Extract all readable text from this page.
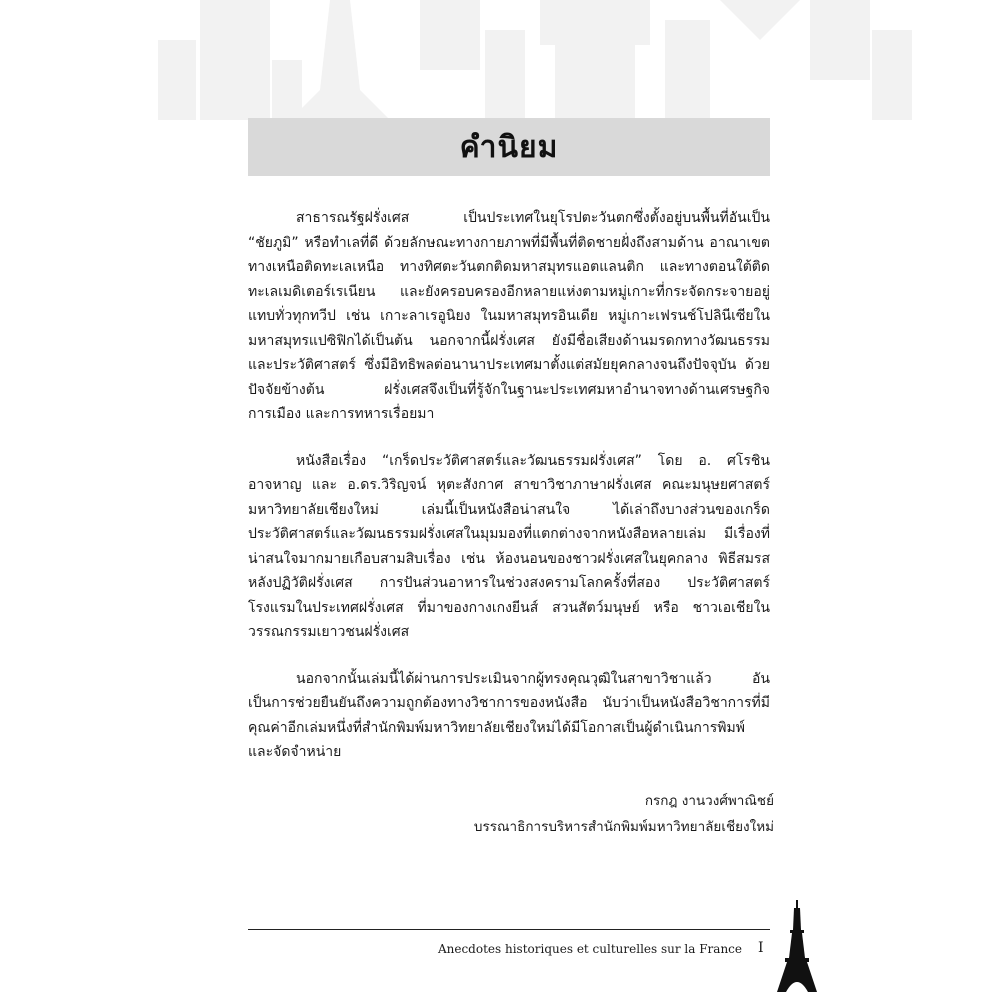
คำนิยม

สาธารณรัฐฝรั่งเศส เป็นประเทศในยุโรปตะวันตกซึ่งตั้งอยู่บนพื้นที่อันเป็น “ชัยภูมิ” หรือทำเลที่ดี ด้วยลักษณะทางกายภาพที่มีพื้นที่ติดชายฝั่งถึงสามด้าน อาณาเขตทางเหนือติดทะเลเหนือ ทางทิศตะวันตกติดมหาสมุทรแอตแลนติก และทางตอนใต้ติดทะเลเมดิเตอร์เรเนียน และยังครอบครองอีกหลายแห่งตามหมู่เกาะที่กระจัดกระจายอยู่แทบทั่วทุกทวีป เช่น เกาะลาเรอูนิยง ในมหาสมุทรอินเดีย หมู่เกาะเฟรนช์โปลินีเซียในมหาสมุทรแปซิฟิกได้เป็นต้น นอกจากนี้ฝรั่งเศส ยังมีชื่อเสียงด้านมรดกทางวัฒนธรรมและประวัติศาสตร์ ซึ่งมีอิทธิพลต่อนานาประเทศมาตั้งแต่สมัยยุคกลางจนถึงปัจจุบัน ด้วยปัจจัยข้างต้น ฝรั่งเศสจึงเป็นที่รู้จักในฐานะประเทศมหาอำนาจทางด้านเศรษฐกิจ การเมือง และการทหารเรื่อยมา

หนังสือเรื่อง “เกร็ดประวัติศาสตร์และวัฒนธรรมฝรั่งเศส” โดย อ. ศโรชิน อาจหาญ และ อ.ดร.วิริญจน์ หุตะสังกาศ สาขาวิชาภาษาฝรั่งเศส คณะมนุษยศาสตร์ มหาวิทยาลัยเชียงใหม่ เล่มนี้เป็นหนังสือน่าสนใจ ได้เล่าถึงบางส่วนของเกร็ดประวัติศาสตร์และวัฒนธรรมฝรั่งเศสในมุมมองที่แตกต่างจากหนังสือหลายเล่ม มีเรื่องที่น่าสนใจมากมายเกือบสามสิบเรื่อง เช่น ห้องนอนของชาวฝรั่งเศสในยุคกลาง พิธีสมรสหลังปฏิวัติฝรั่งเศส การปันส่วนอาหารในช่วงสงครามโลกครั้งที่สอง ประวัติศาสตร์โรงแรมในประเทศฝรั่งเศส ที่มาของกางเกงยีนส์ สวนสัตว์มนุษย์ หรือ ชาวเอเชียในวรรณกรรมเยาวชนฝรั่งเศส

นอกจากนั้นเล่มนี้ได้ผ่านการประเมินจากผู้ทรงคุณวุฒิในสาขาวิชาแล้ว อันเป็นการช่วยยืนยันถึงความถูกต้องทางวิชาการของหนังสือ นับว่าเป็นหนังสือวิชาการที่มีคุณค่าอีกเล่มหนึ่งที่สำนักพิมพ์มหาวิทยาลัยเชียงใหม่ได้มีโอกาสเป็นผู้ดำเนินการพิมพ์และจัดจำหน่าย

กรกฎ งานวงศ์พาณิชย์
บรรณาธิการบริหารสำนักพิมพ์มหาวิทยาลัยเชียงใหม่
Anecdotes historiques et culturelles sur la France I
